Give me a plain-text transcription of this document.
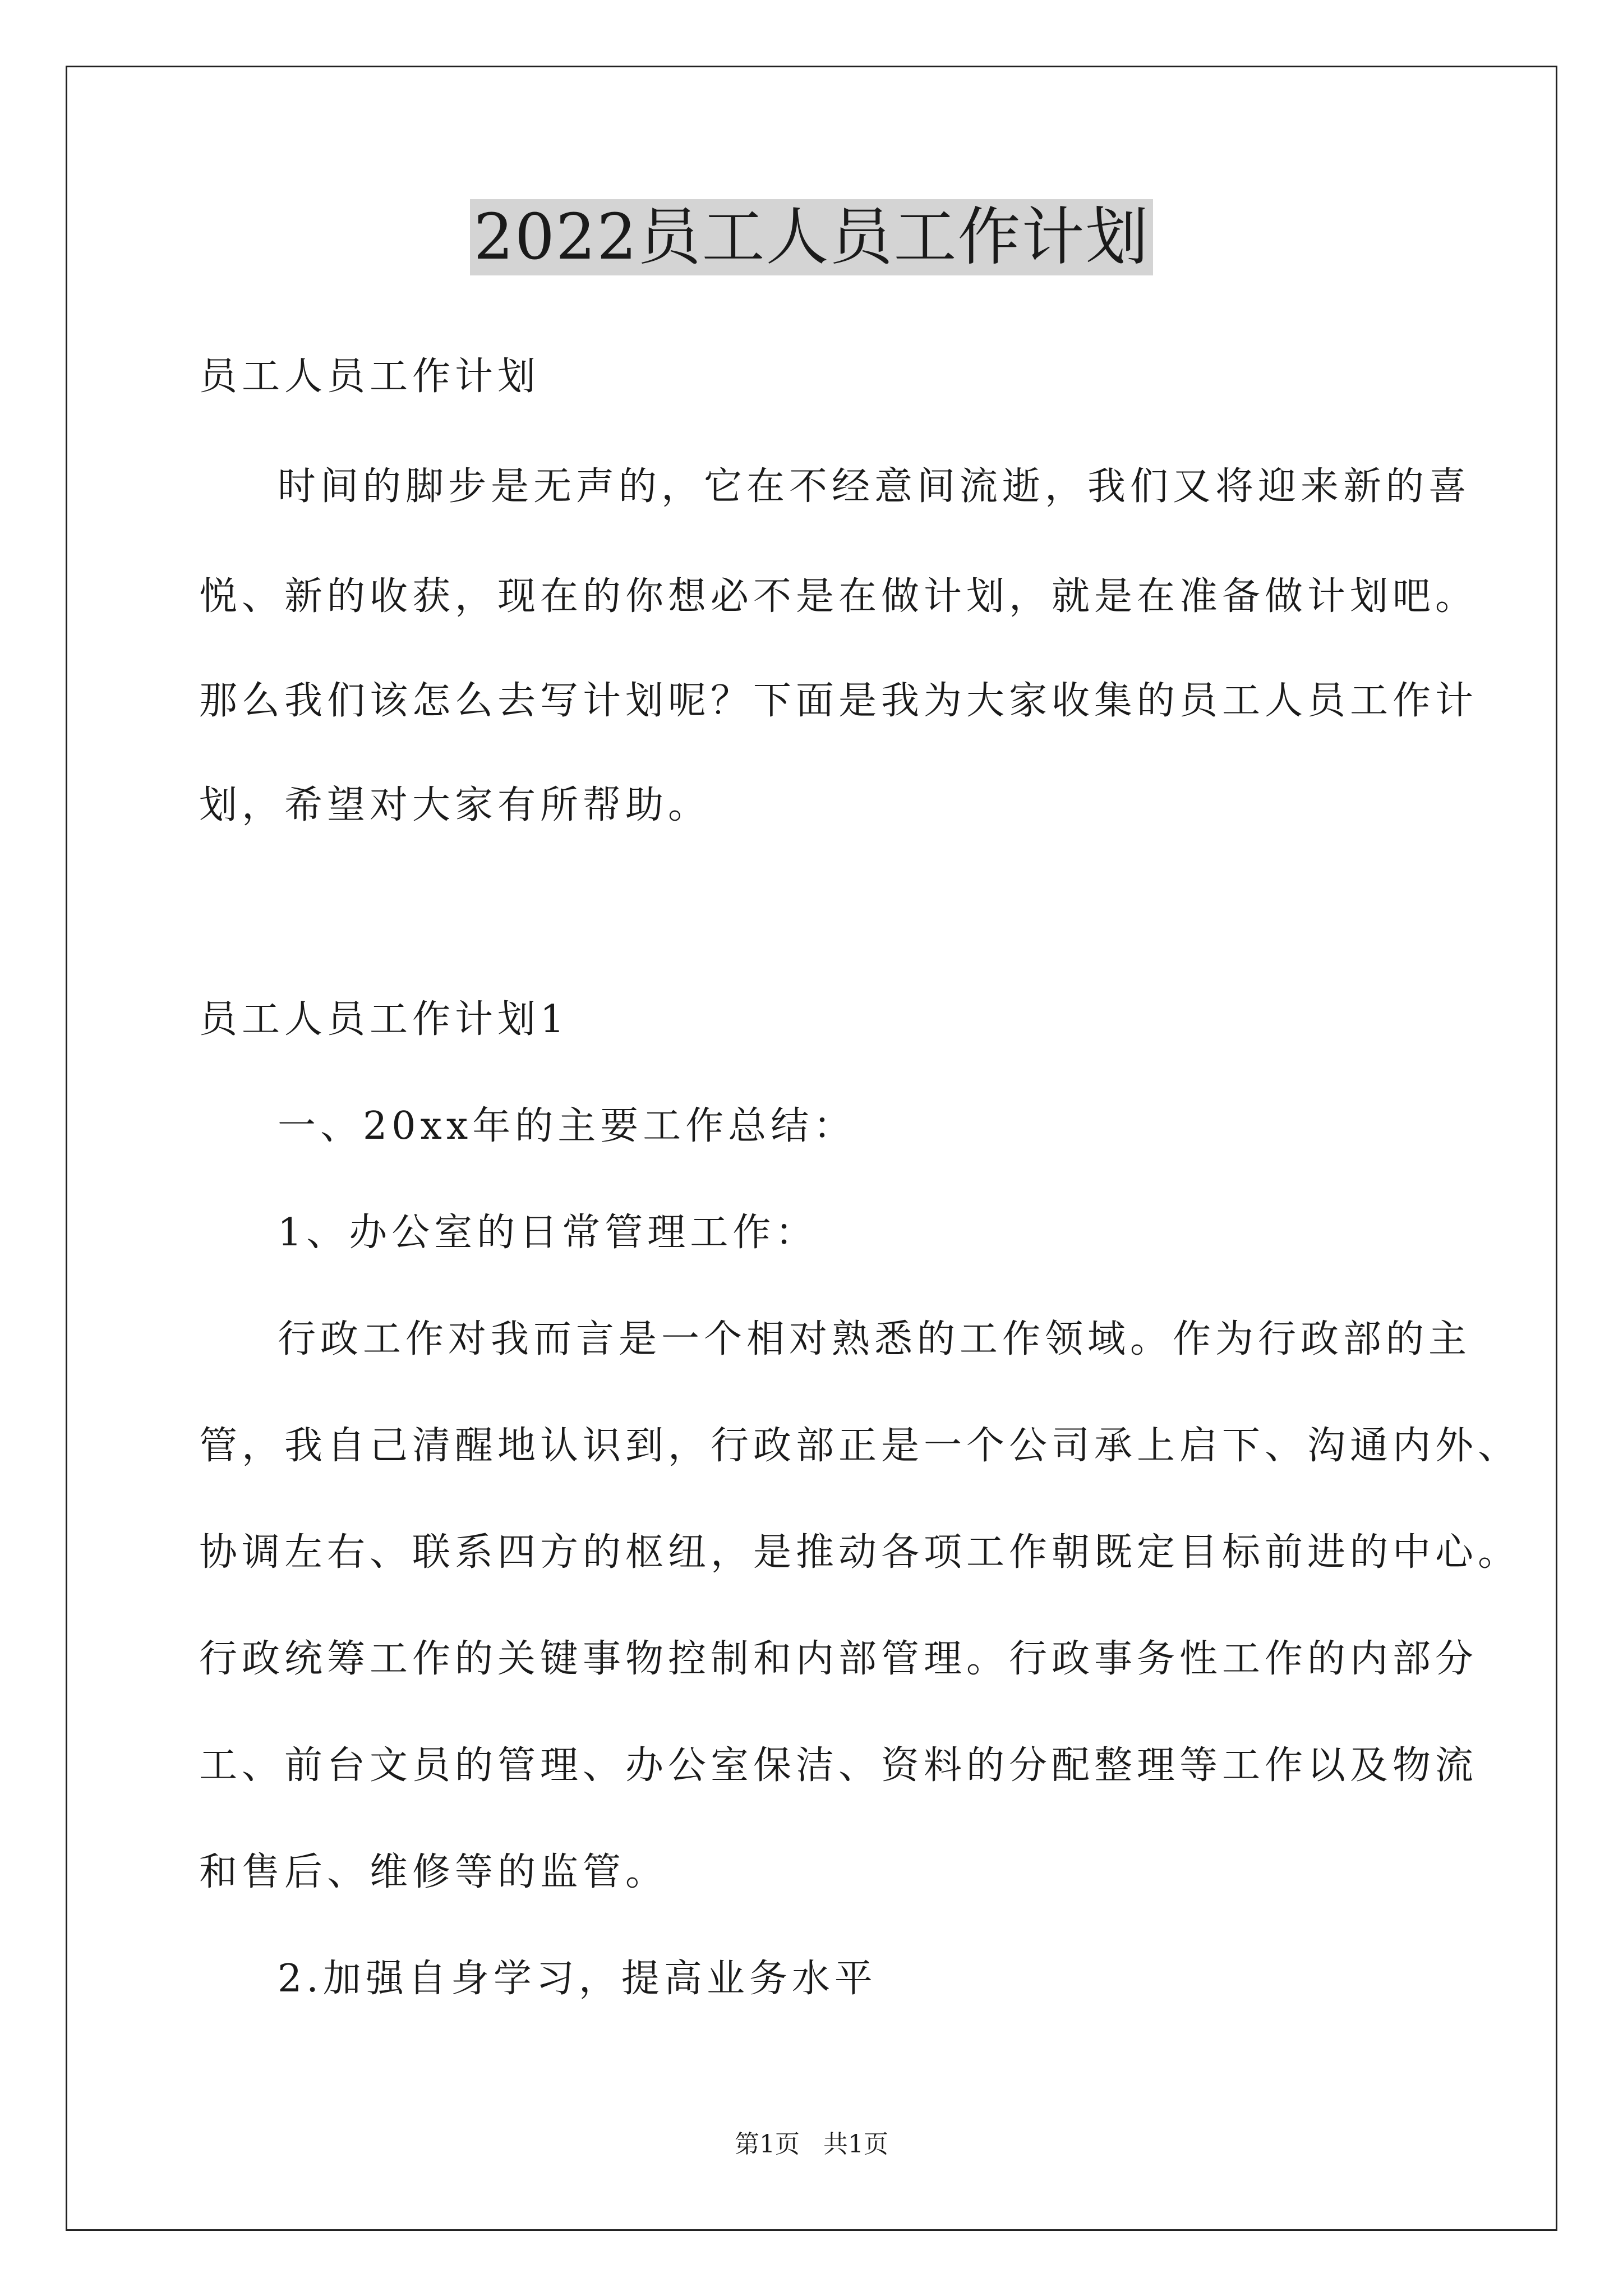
2022员工人员工作计划
员工人员工作计划
时间的脚步是无声的，它在不经意间流逝，我们又将迎来新的喜
悦、新的收获，现在的你想必不是在做计划，就是在准备做计划吧。
那么我们该怎么去写计划呢？下面是我为大家收集的员工人员工作计
划，希望对大家有所帮助。
员工人员工作计划1
一、20xx年的主要工作总结：
1、办公室的日常管理工作：
行政工作对我而言是一个相对熟悉的工作领域。作为行政部的主
管，我自己清醒地认识到，行政部正是一个公司承上启下、沟通内外、
协调左右、联系四方的枢纽，是推动各项工作朝既定目标前进的中心。
行政统筹工作的关键事物控制和内部管理。行政事务性工作的内部分
工、前台文员的管理、办公室保洁、资料的分配整理等工作以及物流
和售后、维修等的监管。
2.加强自身学习，提高业务水平
第1页   共1页
